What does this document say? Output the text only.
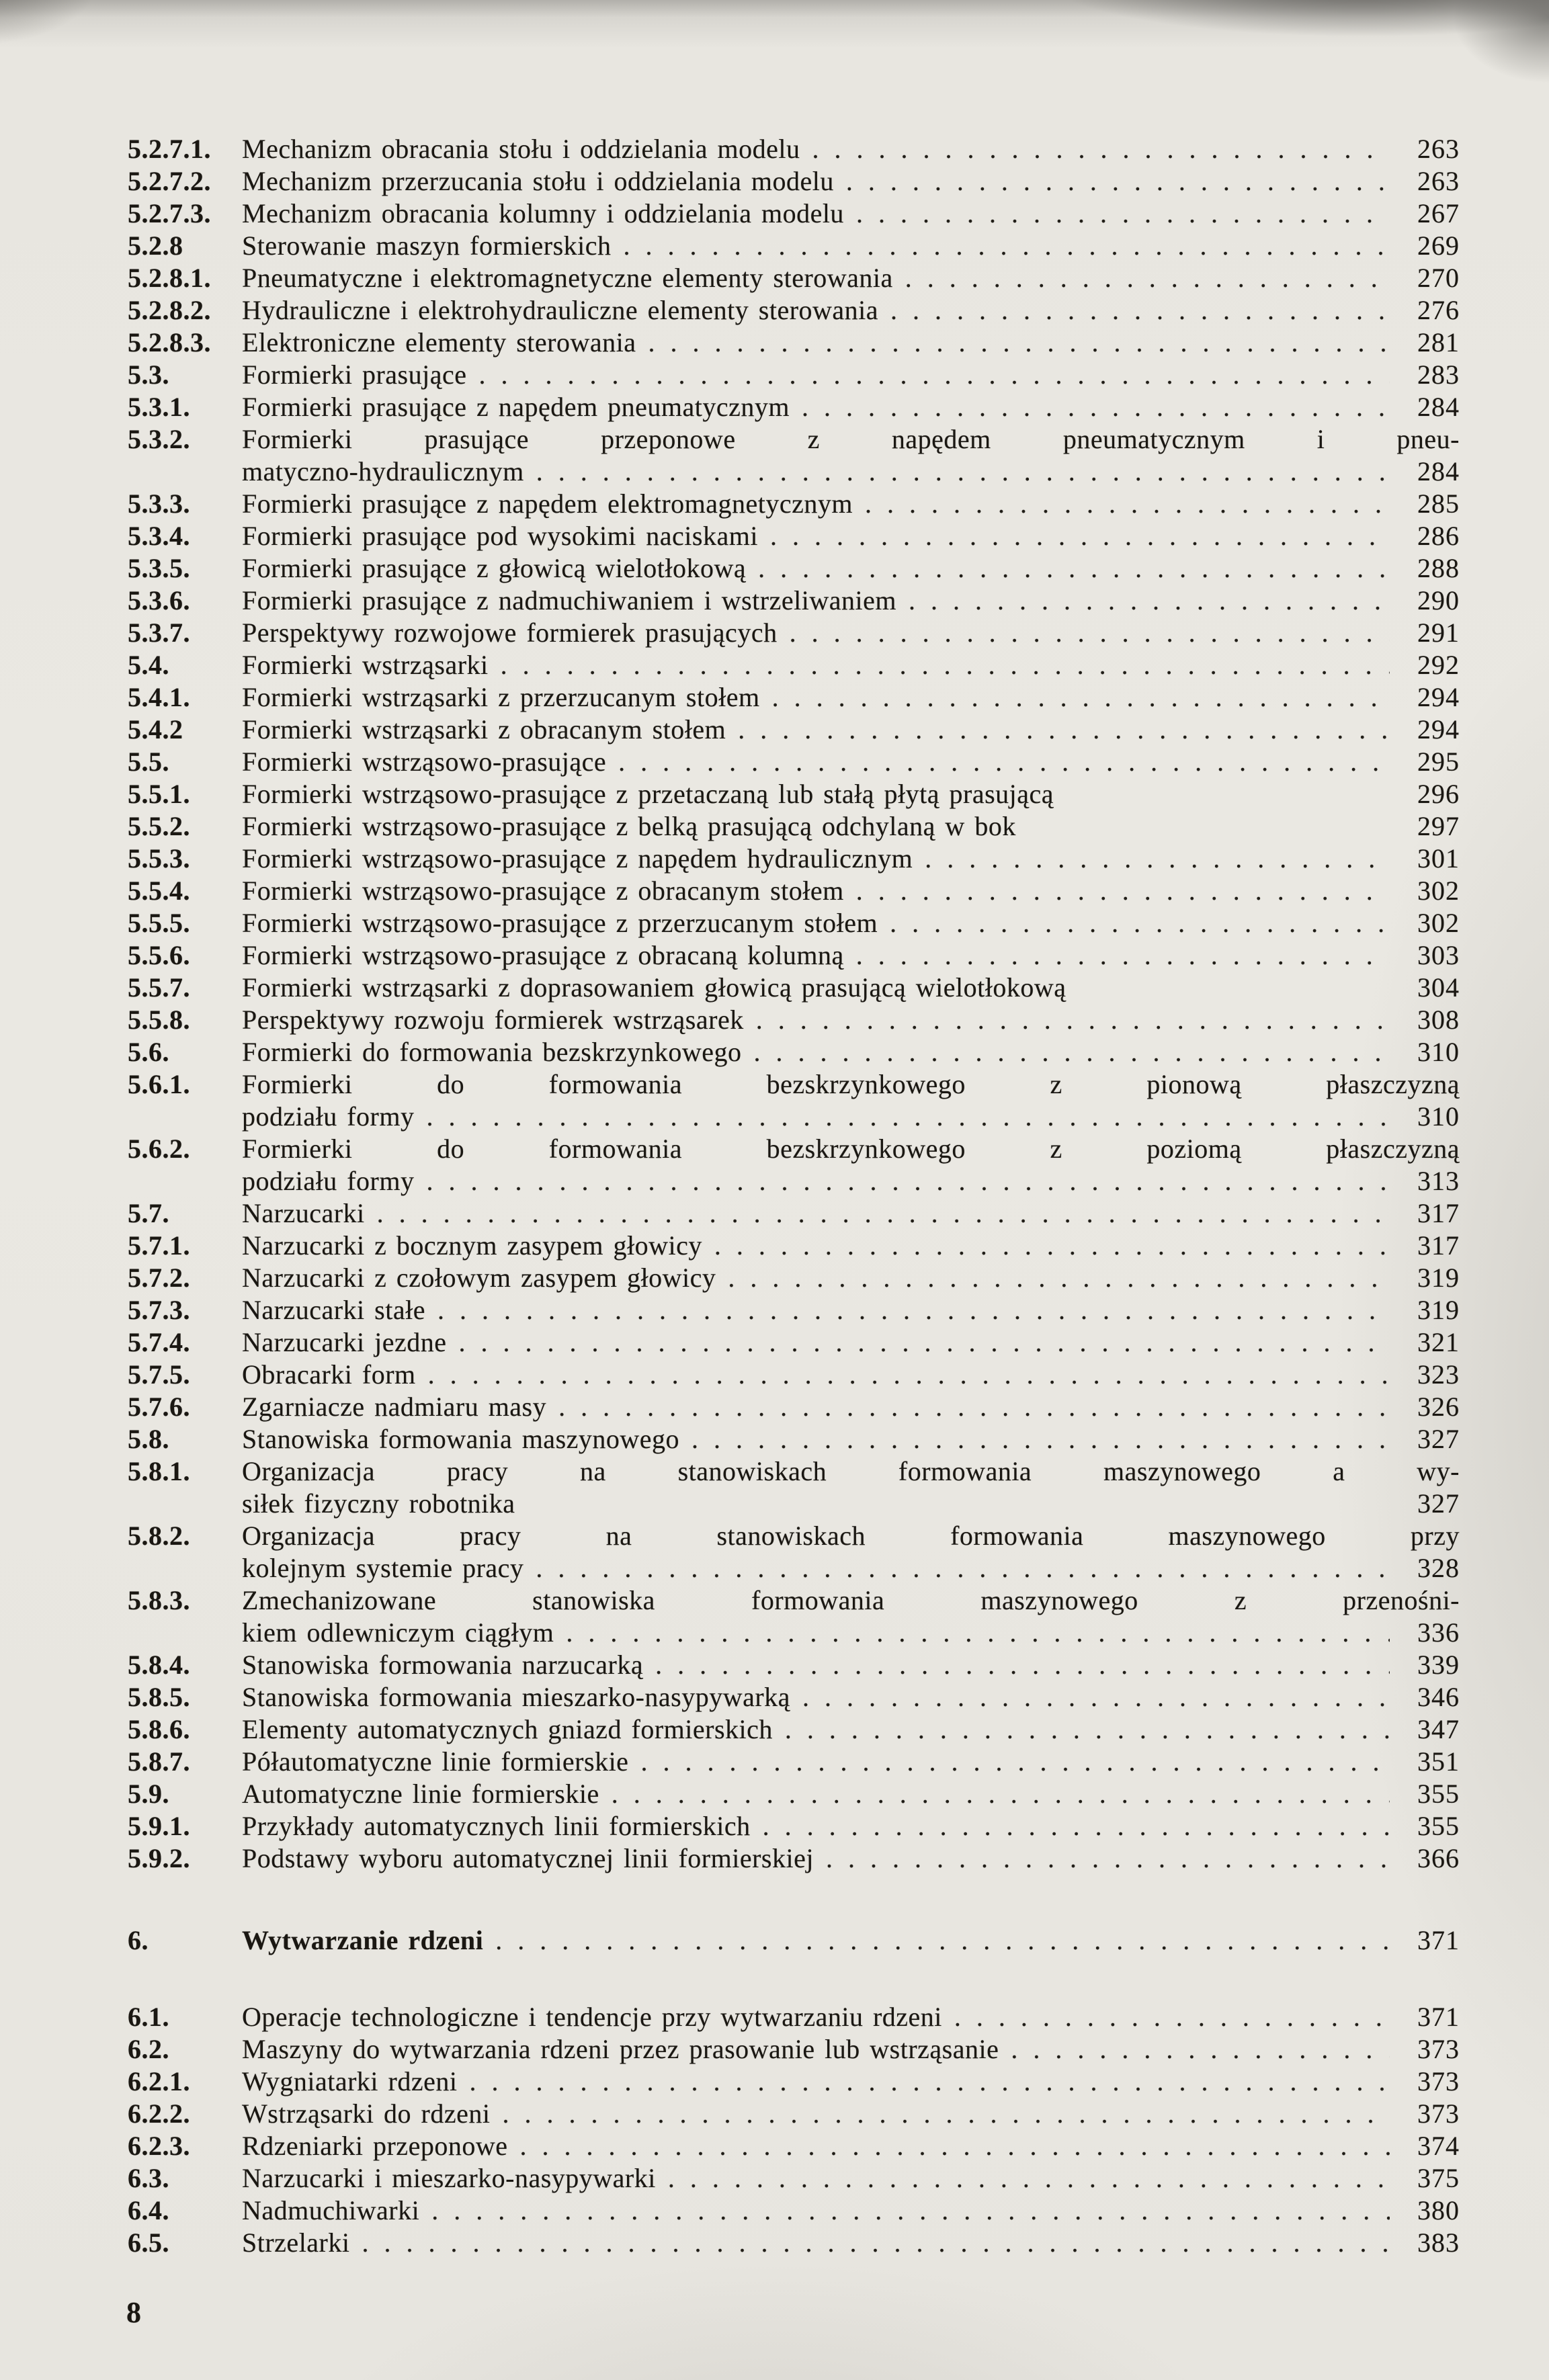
5.2.7.1.	Mechanizm obracania stołu i oddzielania modelu .....	263
5.2.7.2.	Mechanizm przerzucania stołu i oddzielania modelu .....	263
5.2.7.3.	Mechanizm obracania kolumny i oddzielania modelu .....	267
5.2.8	Sterowanie maszyn formierskich .....	269
5.2.8.1.	Pneumatyczne i elektromagnetyczne elementy sterowania .....	270
5.2.8.2.	Hydrauliczne i elektrohydrauliczne elementy sterowania .....	276
5.2.8.3.	Elektroniczne elementy sterowania .....	281
5.3.	Formierki prasujące .....	283
5.3.1.	Formierki prasujące z napędem pneumatycznym .....	284
5.3.2.	Formierki prasujące przeponowe z napędem pneumatycznym i pneu-
matyczno-hydraulicznym .....	284
5.3.3.	Formierki prasujące z napędem elektromagnetycznym .....	285
5.3.4.	Formierki prasujące pod wysokimi naciskami .....	286
5.3.5.	Formierki prasujące z głowicą wielotłokową .....	288
5.3.6.	Formierki prasujące z nadmuchiwaniem i wstrzeliwaniem .....	290
5.3.7.	Perspektywy rozwojowe formierek prasujących .....	291
5.4.	Formierki wstrząsarki .....	292
5.4.1.	Formierki wstrząsarki z przerzucanym stołem .....	294
5.4.2	Formierki wstrząsarki z obracanym stołem .....	294
5.5.	Formierki wstrząsowo-prasujące .....	295
5.5.1.	Formierki wstrząsowo-prasujące z przetaczaną lub stałą płytą prasującą	296
5.5.2.	Formierki wstrząsowo-prasujące z belką prasującą odchylaną w bok	297
5.5.3.	Formierki wstrząsowo-prasujące z napędem hydraulicznym .....	301
5.5.4.	Formierki wstrząsowo-prasujące z obracanym stołem .....	302
5.5.5.	Formierki wstrząsowo-prasujące z przerzucanym stołem .....	302
5.5.6.	Formierki wstrząsowo-prasujące z obracaną kolumną .....	303
5.5.7.	Formierki wstrząsarki z doprasowaniem głowicą prasującą wielotłokową	304
5.5.8.	Perspektywy rozwoju formierek wstrząsarek .....	308
5.6.	Formierki do formowania bezskrzynkowego .....	310
5.6.1.	Formierki do formowania bezskrzynkowego z pionową płaszczyzną
podziału formy .....	310
5.6.2.	Formierki do formowania bezskrzynkowego z poziomą płaszczyzną
podziału formy .....	313
5.7.	Narzucarki .....	317
5.7.1.	Narzucarki z bocznym zasypem głowicy .....	317
5.7.2.	Narzucarki z czołowym zasypem głowicy .....	319
5.7.3.	Narzucarki stałe .....	319
5.7.4.	Narzucarki jezdne .....	321
5.7.5.	Obracarki form .....	323
5.7.6.	Zgarniacze nadmiaru masy .....	326
5.8.	Stanowiska formowania maszynowego .....	327
5.8.1.	Organizacja pracy na stanowiskach formowania maszynowego a wy-
siłek fizyczny robotnika	327
5.8.2.	Organizacja pracy na stanowiskach formowania maszynowego przy
kolejnym systemie pracy .....	328
5.8.3.	Zmechanizowane stanowiska formowania maszynowego z przenośni-
kiem odlewniczym ciągłym .....	336
5.8.4.	Stanowiska formowania narzucarką .....	339
5.8.5.	Stanowiska formowania mieszarko-nasypywarką .....	346
5.8.6.	Elementy automatycznych gniazd formierskich .....	347
5.8.7.	Półautomatyczne linie formierskie .....	351
5.9.	Automatyczne linie formierskie .....	355
5.9.1.	Przykłady automatycznych linii formierskich .....	355
5.9.2.	Podstawy wyboru automatycznej linii formierskiej .....	366
6.	Wytwarzanie rdzeni .....	371
6.1.	Operacje technologiczne i tendencje przy wytwarzaniu rdzeni .....	371
6.2.	Maszyny do wytwarzania rdzeni przez prasowanie lub wstrząsanie .....	373
6.2.1.	Wygniatarki rdzeni .....	373
6.2.2.	Wstrząsarki do rdzeni .....	373
6.2.3.	Rdzeniarki przeponowe .....	374
6.3.	Narzucarki i mieszarko-nasypywarki .....	375
6.4.	Nadmuchiwarki .....	380
6.5.	Strzelarki .....	383
8
